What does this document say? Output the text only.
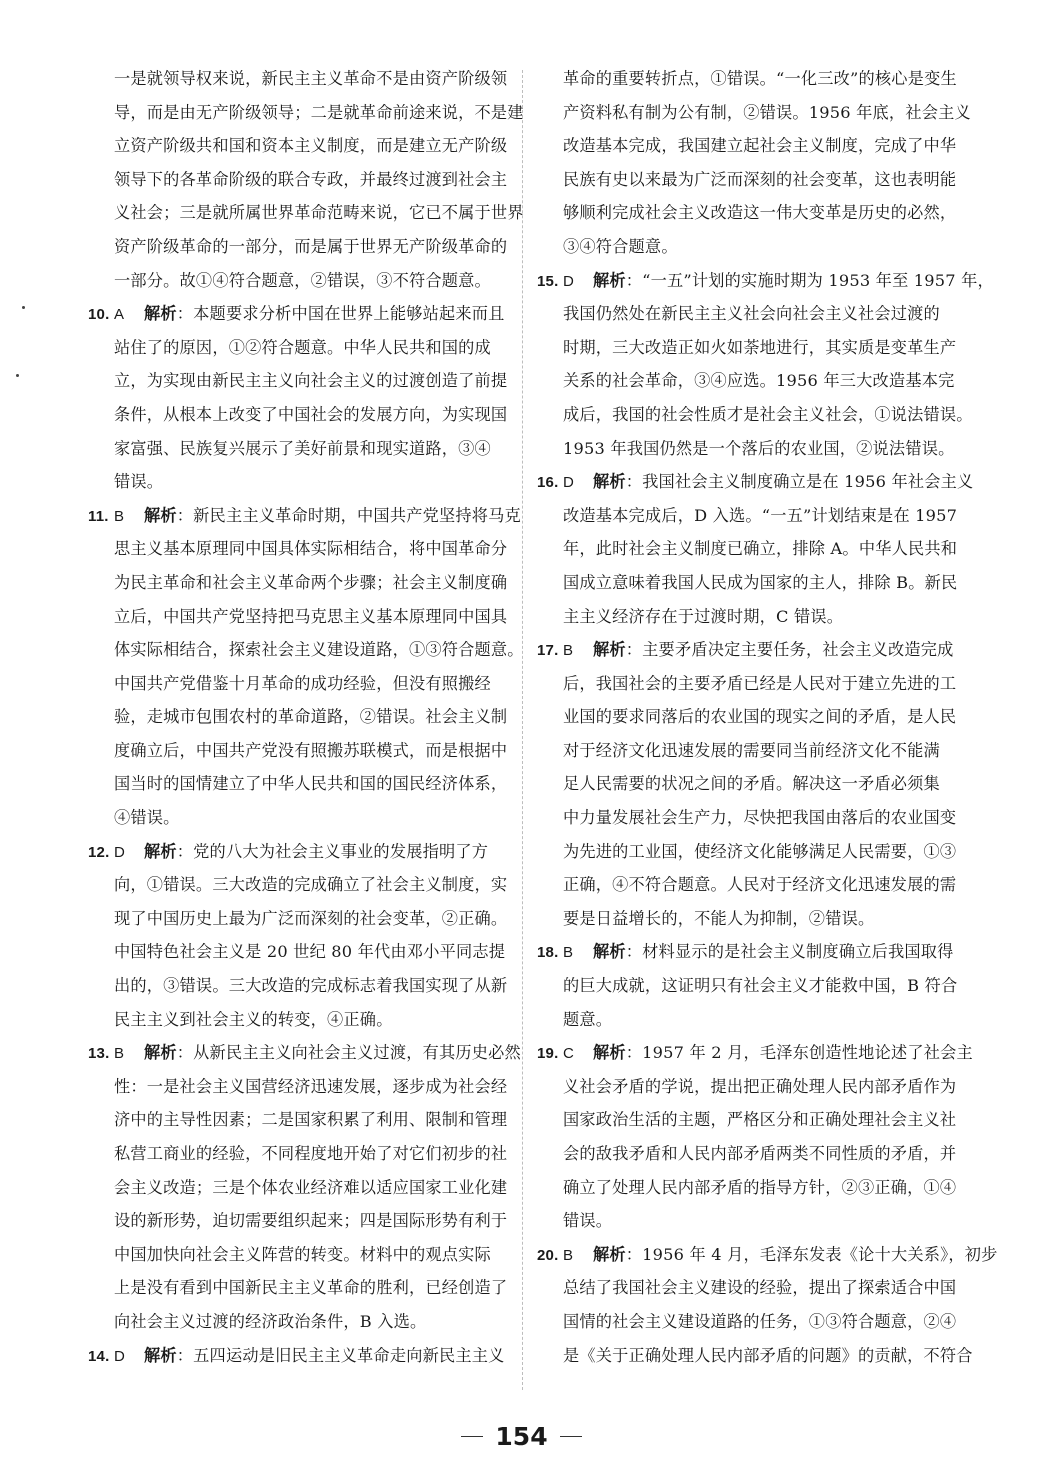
一是就领导权来说，新民主主义革命不是由资产阶级领
导，而是由无产阶级领导；二是就革命前途来说，不是建
立资产阶级共和国和资本主义制度，而是建立无产阶级
领导下的各革命阶级的联合专政，并最终过渡到社会主
义社会；三是就所属世界革命范畴来说，它已不属于世界
资产阶级革命的一部分，而是属于世界无产阶级革命的
一部分。故①④符合题意，②错误，③不符合题意。
10. A 解析：本题要求分析中国在世界上能够站起来而且
站住了的原因，①②符合题意。中华人民共和国的成
立，为实现由新民主主义向社会主义的过渡创造了前提
条件，从根本上改变了中国社会的发展方向，为实现国
家富强、民族复兴展示了美好前景和现实道路，③④
错误。
11. B 解析：新民主主义革命时期，中国共产党坚持将马克
思主义基本原理同中国具体实际相结合，将中国革命分
为民主革命和社会主义革命两个步骤；社会主义制度确
立后，中国共产党坚持把马克思主义基本原理同中国具
体实际相结合，探索社会主义建设道路，①③符合题意。
中国共产党借鉴十月革命的成功经验，但没有照搬经
验，走城市包围农村的革命道路，②错误。社会主义制
度确立后，中国共产党没有照搬苏联模式，而是根据中
国当时的国情建立了中华人民共和国的国民经济体系，
④错误。
12. D 解析：党的八大为社会主义事业的发展指明了方
向，①错误。三大改造的完成确立了社会主义制度，实
现了中国历史上最为广泛而深刻的社会变革，②正确。
中国特色社会主义是 20 世纪 80 年代由邓小平同志提
出的，③错误。三大改造的完成标志着我国实现了从新
民主主义到社会主义的转变，④正确。
13. B 解析：从新民主主义向社会主义过渡，有其历史必然
性：一是社会主义国营经济迅速发展，逐步成为社会经
济中的主导性因素；二是国家积累了利用、限制和管理
私营工商业的经验，不同程度地开始了对它们初步的社
会主义改造；三是个体农业经济难以适应国家工业化建
设的新形势，迫切需要组织起来；四是国际形势有利于
中国加快向社会主义阵营的转变。材料中的观点实际
上是没有看到中国新民主主义革命的胜利，已经创造了
向社会主义过渡的经济政治条件，B 入选。
14. D 解析：五四运动是旧民主主义革命走向新民主主义
革命的重要转折点，①错误。“一化三改”的核心是变生
产资料私有制为公有制，②错误。1956 年底，社会主义
改造基本完成，我国建立起社会主义制度，完成了中华
民族有史以来最为广泛而深刻的社会变革，这也表明能
够顺利完成社会主义改造这一伟大变革是历史的必然，
③④符合题意。
15. D 解析：“一五”计划的实施时期为 1953 年至 1957 年，
我国仍然处在新民主主义社会向社会主义社会过渡的
时期，三大改造正如火如荼地进行，其实质是变革生产
关系的社会革命，③④应选。1956 年三大改造基本完
成后，我国的社会性质才是社会主义社会，①说法错误。
1953 年我国仍然是一个落后的农业国，②说法错误。
16. D 解析：我国社会主义制度确立是在 1956 年社会主义
改造基本完成后，D 入选。“一五”计划结束是在 1957
年，此时社会主义制度已确立，排除 A。中华人民共和
国成立意味着我国人民成为国家的主人，排除 B。新民
主主义经济存在于过渡时期，C 错误。
17. B 解析：主要矛盾决定主要任务，社会主义改造完成
后，我国社会的主要矛盾已经是人民对于建立先进的工
业国的要求同落后的农业国的现实之间的矛盾，是人民
对于经济文化迅速发展的需要同当前经济文化不能满
足人民需要的状况之间的矛盾。解决这一矛盾必须集
中力量发展社会生产力，尽快把我国由落后的农业国变
为先进的工业国，使经济文化能够满足人民需要，①③
正确，④不符合题意。人民对于经济文化迅速发展的需
要是日益增长的，不能人为抑制，②错误。
18. B 解析：材料显示的是社会主义制度确立后我国取得
的巨大成就，这证明只有社会主义才能救中国，B 符合
题意。
19. C 解析：1957 年 2 月，毛泽东创造性地论述了社会主
义社会矛盾的学说，提出把正确处理人民内部矛盾作为
国家政治生活的主题，严格区分和正确处理社会主义社
会的敌我矛盾和人民内部矛盾两类不同性质的矛盾，并
确立了处理人民内部矛盾的指导方针，②③正确，①④
错误。
20. B 解析：1956 年 4 月，毛泽东发表《论十大关系》，初步
总结了我国社会主义建设的经验，提出了探索适合中国
国情的社会主义建设道路的任务，①③符合题意，②④
是《关于正确处理人民内部矛盾的问题》的贡献，不符合
154
